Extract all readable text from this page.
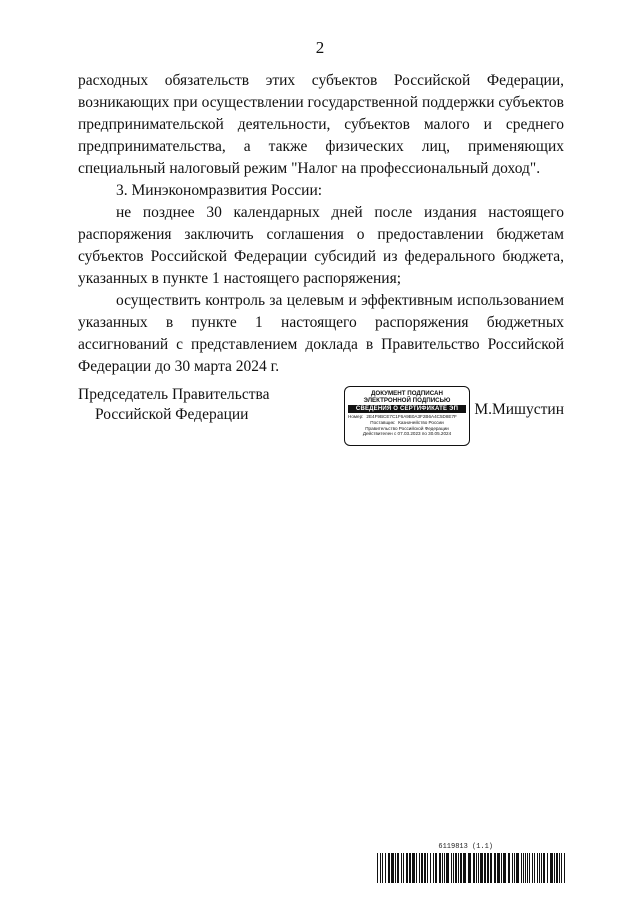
2

расходных обязательств этих субъектов Российской Федерации, возникающих при осуществлении государственной поддержки субъектов предпринимательской деятельности, субъектов малого и среднего предпринимательства, а также физических лиц, применяющих специальный налоговый режим "Налог на профессиональный доход".

3. Минэкономразвития России:

не позднее 30 календарных дней после издания настоящего распоряжения заключить соглашения о предоставлении бюджетам субъектов Российской Федерации субсидий из федерального бюджета, указанных в пункте 1 настоящего распоряжения;

осуществить контроль за целевым и эффективным использованием указанных в пункте 1 настоящего распоряжения бюджетных ассигнований с представлением доклада в Правительство Российской Федерации до 30 марта 2024 г.

Председатель Правительства
Российской Федерации
ДОКУМЕНТ ПОДПИСАН
ЭЛЕКТРОННОЙ ПОДПИСЬЮ
СВЕДЕНИЯ О СЕРТИФИКАТЕ ЭП
Номер: 2E4F9BCE7C1F6A9B0A3F2B6A4C5D8E7F
Поставщик: Казначейство России
Правительство Российской Федерации
Действителен с 07.03.2023 по 30.05.2024
М.Мишустин
6119813 (1.1)
